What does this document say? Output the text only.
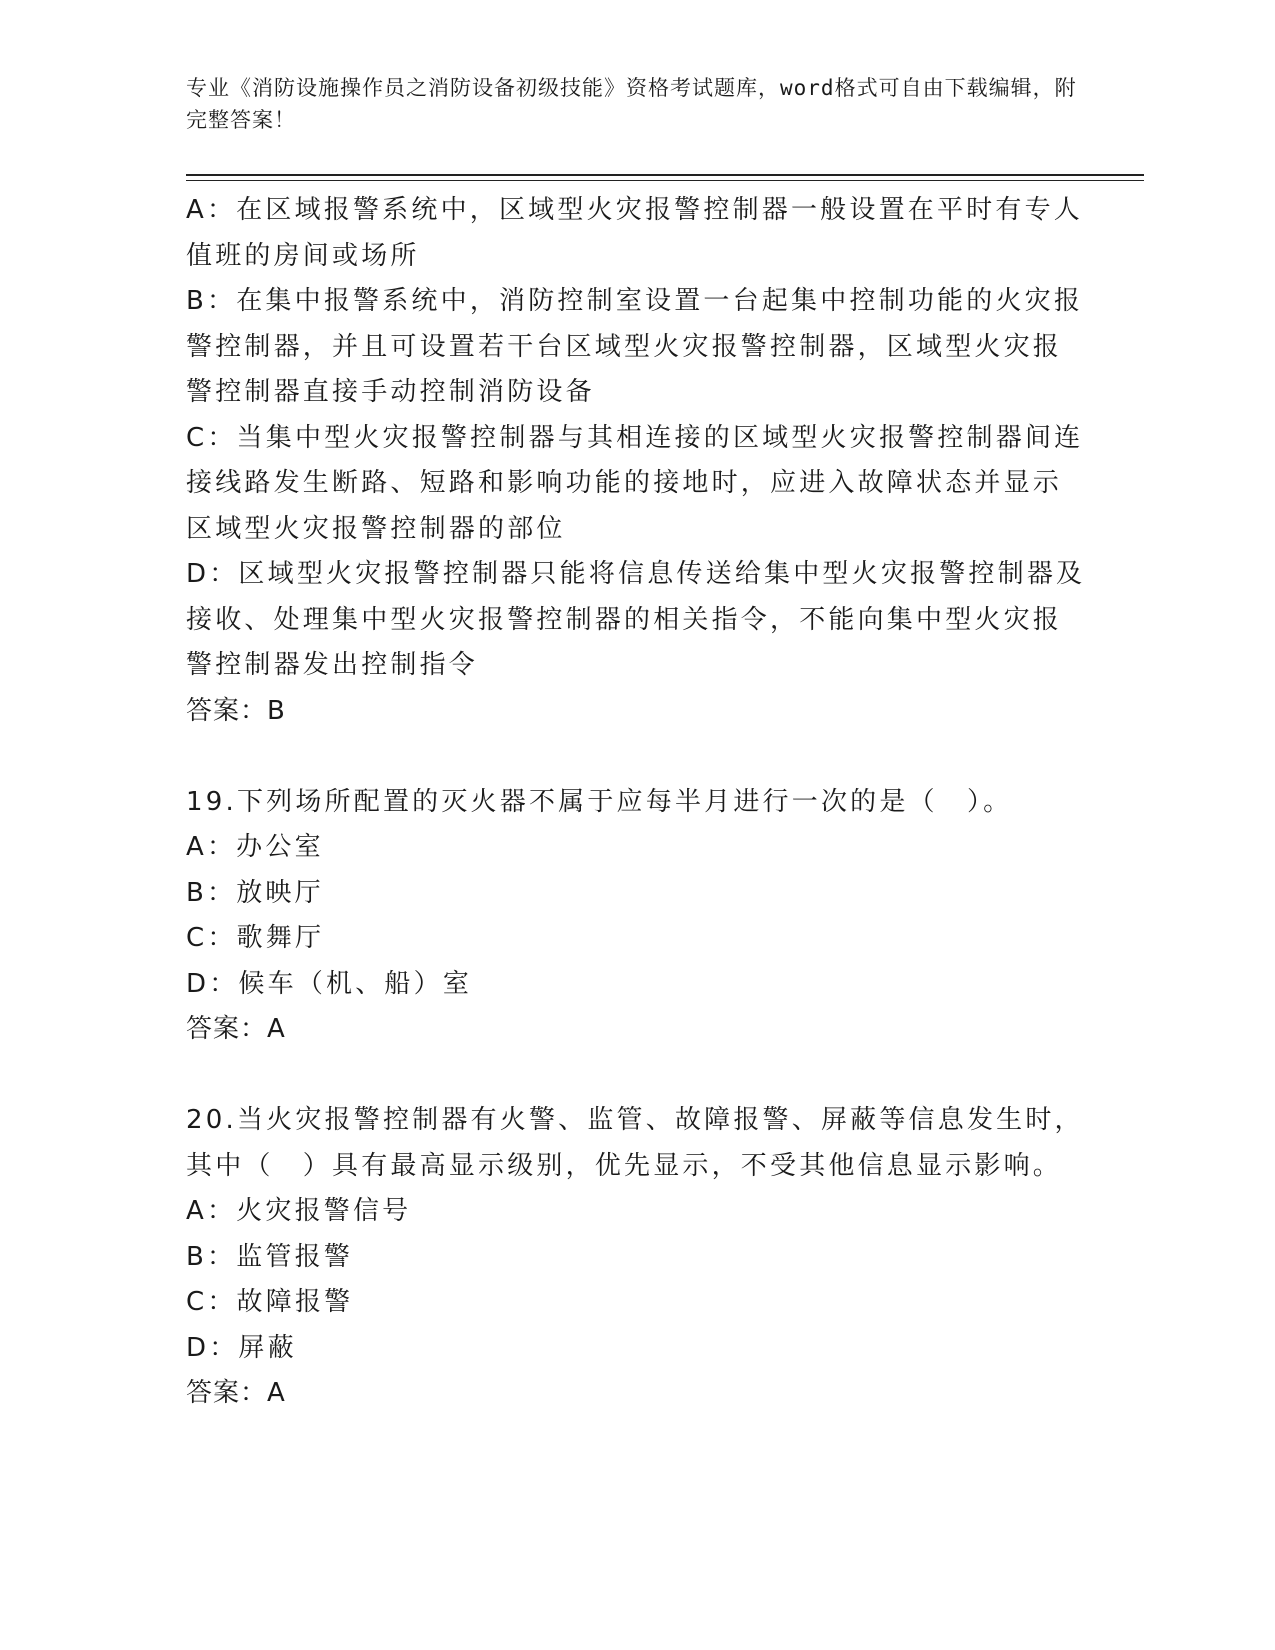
专业《消防设施操作员之消防设备初级技能》资格考试题库，word格式可自由下载编辑，附完整答案！

A：在区域报警系统中，区域型火灾报警控制器一般设置在平时有专人值班的房间或场所

B：在集中报警系统中，消防控制室设置一台起集中控制功能的火灾报警控制器，并且可设置若干台区域型火灾报警控制器，区域型火灾报警控制器直接手动控制消防设备

C：当集中型火灾报警控制器与其相连接的区域型火灾报警控制器间连接线路发生断路、短路和影响功能的接地时，应进入故障状态并显示区域型火灾报警控制器的部位

D：区域型火灾报警控制器只能将信息传送给集中型火灾报警控制器及接收、处理集中型火灾报警控制器的相关指令，不能向集中型火灾报警控制器发出控制指令

答案：B

19.下列场所配置的灭火器不属于应每半月进行一次的是（　）。

A：办公室

B：放映厅

C：歌舞厅

D：候车（机、船）室

答案：A

20.当火灾报警控制器有火警、监管、故障报警、屏蔽等信息发生时，其中（　）具有最高显示级别，优先显示，不受其他信息显示影响。

A：火灾报警信号

B：监管报警

C：故障报警

D：屏蔽

答案：A
